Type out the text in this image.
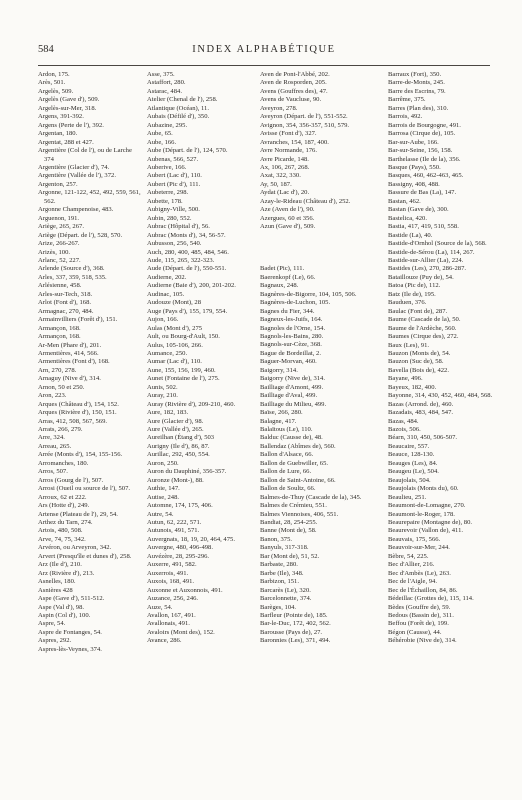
584	INDEX ALPHABÉTIQUE
Ardon, 175.
Arès, 501.
Argelès, 509.
Argelès (Gave d'), 509.
Argelès-sur-Mer, 318.
Argens, 391-392.
Argens (Perte de l'), 392.
Argentan, 180.
Argentat, 288 et 427.
Argentière (Col de l'), ou de Larche 374
Argentière (Glacier d'), 74.
Argentière (Vallée de l'), 372.
Argenton, 257.
Argonne, 121-122, 452, 492, 559, 561, 562.
Argonne Champenoise, 483.
Arguenon, 191.
Ariège, 265, 267.
Ariège (Départ. de l'), 528, 570.
Arize, 266-267.
Arizès, 100.
Arlanc, 52, 227.
Arlende (Source d'), 368.
Arles, 337, 359, 518, 535.
Arlésienne, 458.
Arles-sur-Tech, 318.
Arlot (Font d'), 168.
Armagnac, 270, 484.
Armainvilliers (Forêt d'), 151.
Armançon, 168.
Armançon, 168.
Ar-Men (Phare d'), 201.
Armentières, 414, 566.
Armentières (Font d'), 168.
Arn, 270, 278.
Arnaguy (Nive d'), 314.
Arnon, 50 et 250.
Aron, 223.
Arques (Château d'), 154, 152.
Arques (Rivière d'), 150, 151.
Arras, 412, 508, 567, 569.
Arrats, 266, 279.
Arre, 324.
Arreau, 265.
Arrée (Monts d'), 154, 155-156.
Arromanches, 180.
Arros, 507.
Arros (Gourg de l'), 507.
Arrosi (Oueil ou source de l'), 507.
Arroux, 62 et 222.
Ars (Hotte d'), 249.
Artense (Plateau de l'), 29, 54.
Arthez du Tarn, 274.
Artois, 480, 508.
Arve, 74, 75, 342.
Arvéron, ou Arveyron, 342.
Arvert (Presqu'île et dunes d'), 258.
Arz (Ile d'), 210.
Arz (Rivière d'), 213.
Asnelles, 180.
Asnières 428
Aspe (Gave d'), 511-512.
Aspe (Val d'), 98.
Aspin (Col d'), 100.
Aspre, 54.
Aspre de Fontanges, 54.
Aspres, 292.
Aspres-lès-Veynes, 374.
Asse, 375.
Astaffort, 280.
Astarac, 484.
Atelier (Chenal de l'), 258.
Atlantique (Océan), 11.
Aubais (Défilé d'), 350.
Aubazine, 295.
Aube, 65.
Aube, 166.
Aube (Départ. de l'), 124, 570.
Aubenas, 566, 527.
Auberive, 166.
Aubert (Lac d'), 110.
Aubert (Pic d'), 111.
Aubeterre, 298.
Aubette, 178.
Aubigny-Ville, 500.
Aubin, 280, 552.
Aubrac (Hôpital d'), 56.
Aubrac (Monts d'), 34, 56-57.
Aubusson, 256, 540.
Auch, 280, 400, 485, 484, 546.
Aude, 115, 265, 322-323.
Aude (Départ. de l'), 550-551.
Audierne, 202.
Audierne (Baie d'), 200, 201-202.
Audinac, 105.
Audouze (Mont), 28
Auge (Pays d'), 155, 179, 554.
Aujon, 166.
Aulas (Mont d'), 275
Ault, ou Bourg-d'Ault, 150.
Aulus, 105-106, 266.
Aumance, 250.
Aumar (Lac d'), 110.
Aune, 155, 156, 199, 460.
Aunet (Fontaine de l'), 275.
Aunis, 502.
Auray, 210.
Auray (Rivière d'), 209-210, 460.
Aure, 182, 183.
Aure (Glacier d'), 98.
Aure (Vallée d'), 265.
Aureilhan (Étang d'), 503
Aurigny (Ile d'), 86, 87.
Aurillac, 292, 450, 554.
Auron, 250.
Auron du Dauphiné, 356-357.
Auronze (Mont-), 88.
Authie, 147.
Autise, 248.
Automne, 174, 175, 406.
Autre, 54.
Autun, 62, 222, 571.
Autunois, 491, 571.
Auvergnats, 18, 19, 20, 464, 475.
Auvergne, 480, 496-498.
Auvézère, 28, 295-296.
Auxerre, 491, 582.
Auxerrois, 491.
Auxois, 168, 491.
Auxonne et Auxonnois, 491.
Auzance, 256, 246.
Auze, 54.
Avallon, 167, 491.
Avallonais, 491.
Avaloirs (Mont des), 152.
Avance, 286.
Aven de Pont-l'Abbé, 202.
Aven de Rosporden, 205.
Avens (Gouffres des), 47.
Avens de Vaucluse, 90.
Aveyron, 278.
Aveyron (Départ. de l'), 551-552.
Avignon, 354, 356-357, 510, 579.
Avisse (Font d'), 327.
Avranches, 154, 187, 400.
Avre Normande, 176.
Avre Picarde, 148.
Ax, 106, 267, 268.
Axat, 322, 330.
Ay, 50, 187.
Aydat (Lac d'), 20.
Azay-le-Rideau (Château d'), 252.
Aze (Aven de l'), 90.
Azergues, 60 et 356.
Azun (Gave d'), 509.
Badet (Pic), 111.
Baerenkopf (Le), 66.
Bagnaux, 248.
Bagnères-de-Bigorre, 104, 105, 506.
Bagnères-de-Luchon, 105.
Bagnes du Fier, 344.
Bagneux-les-Juifs, 164.
Bagnoles de l'Orne, 154.
Bagnols-les-Bains, 280.
Bagnols-sur-Cèze, 368.
Bague de Bordeillat, 2.
Baguer-Morvan, 460.
Baigorry, 314.
Baigorry (Nive de), 314.
Bailliage d'Amont, 499.
Bailliage d'Aval, 499.
Bailliage du Milieu, 499.
Baïse, 266, 280.
Balagne, 417.
Balaïtous (Le), 110.
Balduc (Causse de), 48.
Ballendaz (Abîmes de), 560.
Ballon d'Alsace, 66.
Ballon de Guebwiller, 65.
Ballon de Lure, 66.
Ballon de Saint-Antoine, 66.
Ballon de Soultz, 66.
Balmes-de-Thuy (Cascade de la), 345.
Balmes de Crémieu, 551.
Balmes Viennoises, 406, 551.
Bandiat, 28, 254-255.
Banne (Mont de), 58.
Banon, 375.
Banyuls, 317-318.
Bar (Mont de), 51, 52.
Barbaste, 280.
Barbe (Ile), 348.
Barbizon, 151.
Barcarès (Le), 320.
Barcelonnette, 374.
Barèges, 104.
Barfleur (Pointe de), 185.
Bar-le-Duc, 172, 402, 562.
Barousse (Pays de), 27.
Baronnies (Les), 371, 494.
Barraux (Fort), 350.
Barre-de-Monts, 245.
Barre des Escrins, 79.
Barrême, 375.
Barres (Plan des), 310.
Barrois, 492.
Barrois de Bourgogne, 491.
Barrosa (Cirque de), 105.
Bar-sur-Aube, 166.
Bar-sur-Seine, 156, 158.
Barthelasse (Ile de la), 356.
Basque (Pays), 550.
Basques, 460, 462-463, 465.
Bassigny, 408, 488.
Bassure de Bas (La), 147.
Bastan, 462.
Bastan (Gave de), 300.
Bastelica, 420.
Bastia, 417, 419, 510, 558.
Bastide (La), 40.
Bastide-d'Ornhol (Source de la), 568.
Bastide-de-Sérou (La), 114, 267.
Bastide-sur-Allier (La), 224.
Bastides (Les), 270, 286-287.
Bataillouze (Puy de), 54.
Batoa (Pic de), 112.
Batz (Ile de), 195.
Bauduen, 376.
Baulac (Font de), 287.
Baume (Cascade de la), 50.
Baume de l'Ardèche, 560.
Baumes (Cirque des), 272.
Baux (Les), 91.
Bauzon (Monts de), 54.
Bauzon (Suc de), 58.
Bavella (Bois de), 422.
Bayane, 496.
Bayeux, 182, 400.
Bayonne, 314, 430, 452, 460, 484, 568.
Bazas (Arrond. de), 460.
Bazadais, 483, 484, 547.
Bazas, 484.
Bazois, 506.
Béarn, 310, 450, 506-507.
Beaucaire, 557.
Beauce, 128-130.
Beauges (Les), 84.
Beaugeu (Le), 504.
Beaujolais, 504.
Beaujolais (Monts du), 60.
Beaulieu, 251.
Beaumont-de-Lomagne, 270.
Beaumont-le-Roger, 178.
Beaurepaire (Montagne de), 80.
Beaurevoir (Vallon de), 411.
Beauvais, 175, 566.
Beauvoir-sur-Mer, 244.
Bèbre, 54, 225.
Bec d'Allier, 216.
Bec d'Ambès (Le), 263.
Bec de l'Aigle, 94.
Bec de l'Échaillon, 84, 86.
Bédeillac (Grottes de), 115, 114.
Bèdes (Gouffre de), 59.
Bedous (Bassin de), 311.
Beffou (Forêt de), 199.
Bégon (Causse), 44.
Béhérobie (Nive de), 314.
